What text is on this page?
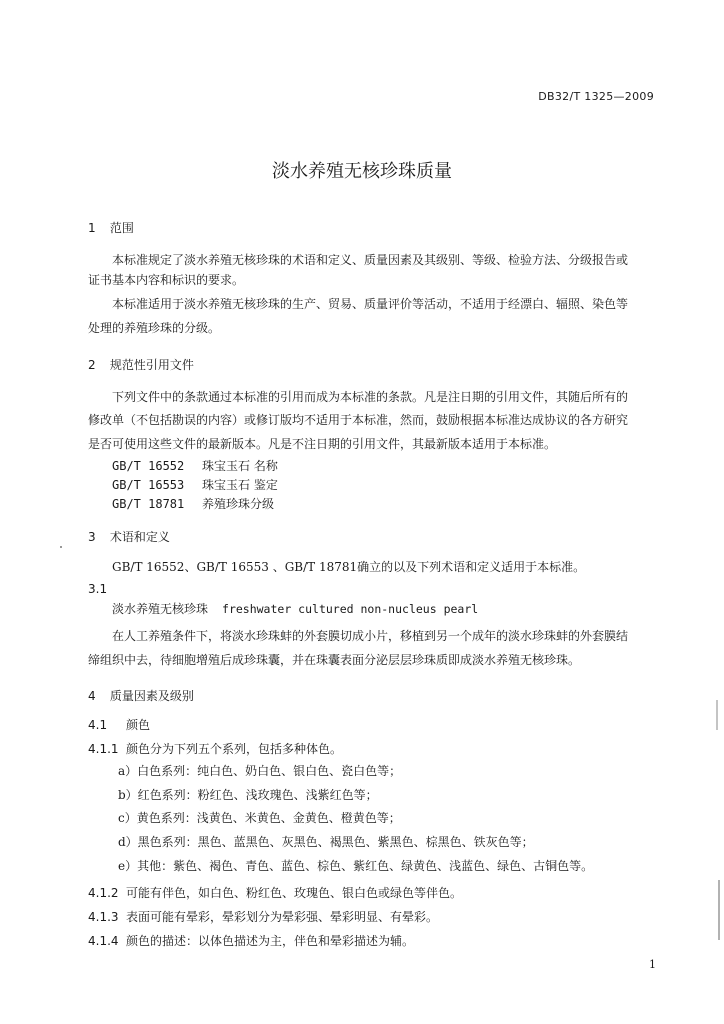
DB32/T 1325—2009
淡水养殖无核珍珠质量
1 范围
本标准规定了淡水养殖无核珍珠的术语和定义、质量因素及其级别、等级、检验方法、分级报告或
证书基本内容和标识的要求。
本标准适用于淡水养殖无核珍珠的生产、贸易、质量评价等活动，不适用于经漂白、辐照、染色等
处理的养殖珍珠的分级。
2 规范性引用文件
下列文件中的条款通过本标准的引用而成为本标准的条款。凡是注日期的引用文件，其随后所有的
修改单（不包括勘误的内容）或修订版均不适用于本标准，然而，鼓励根据本标准达成协议的各方研究
是否可使用这些文件的最新版本。凡是不注日期的引用文件，其最新版本适用于本标准。
GB/T 16552 珠宝玉石 名称
GB/T 16553 珠宝玉石 鉴定
GB/T 18781 养殖珍珠分级
3 术语和定义
GB/T 16552、GB/T 16553 、GB/T 18781确立的以及下列术语和定义适用于本标准。
3.1
淡水养殖无核珍珠 freshwater cultured non-nucleus pearl
在人工养殖条件下，将淡水珍珠蚌的外套膜切成小片，移植到另一个成年的淡水珍珠蚌的外套膜结
缔组织中去，待细胞增殖后成珍珠囊，并在珠囊表面分泌层层珍珠质即成淡水养殖无核珍珠。
4 质量因素及级别
4.1 颜色
4.1.1 颜色分为下列五个系列，包括多种体色。
a）白色系列：纯白色、奶白色、银白色、瓷白色等；
b）红色系列：粉红色、浅玫瑰色、浅紫红色等；
c）黄色系列：浅黄色、米黄色、金黄色、橙黄色等；
d）黑色系列：黑色、蓝黑色、灰黑色、褐黑色、紫黑色、棕黑色、铁灰色等；
e）其他：紫色、褐色、青色、蓝色、棕色、紫红色、绿黄色、浅蓝色、绿色、古铜色等。
4.1.2 可能有伴色，如白色、粉红色、玫瑰色、银白色或绿色等伴色。
4.1.3 表面可能有晕彩，晕彩划分为晕彩强、晕彩明显、有晕彩。
4.1.4 颜色的描述：以体色描述为主，伴色和晕彩描述为辅。
1
